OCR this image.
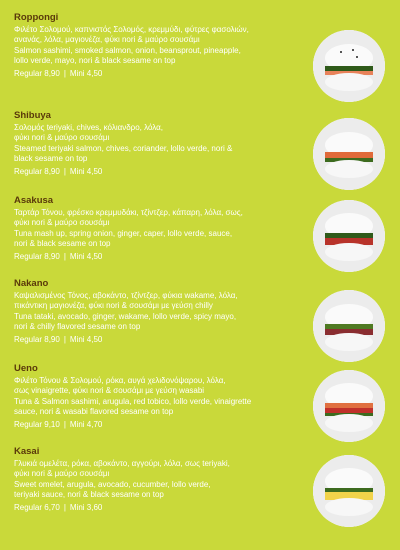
Roppongi
Φιλέτο Σολομού, καπνιστός Σολομός, κρεμμύδι, φύτρες φασολιών,
ανανάς, λόλα, μαγιονέζα, φύκι nori & μαύρο σουσάμι
Salmon sashimi, smoked salmon, onion, beansprout, pineapple,
lollo verde, mayo, nori & black sesame on top
Regular 8,90 | Mini 4,50
Shibuya
Σολομός teriyaki, chives, κόλιανδρο, λόλα,
φύκι nori & μαύρο σουσάμι
Steamed teriyaki salmon, chives, coriander, lollo verde, nori &
black sesame on top
Regular 8,90 | Mini 4,50
Asakusa
Ταρτάρ Τόνου, φρέσκο κρεμμυδάκι, τζίντζερ, κάπαρη, λόλα, σως,
φύκι nori & μαύρο σουσάμι
Tuna mash up, spring onion, ginger, caper, lollo verde, sauce,
nori & black sesame on top
Regular 8,90 | Mini 4,50
Nakano
Καψαλισμένος Τόνος, αβοκάντο, τζίντζερ, φύκια wakame, λόλα,
πικάντικη μαγιονέζα, φύκι nori & σουσάμι με γεύση chilly
Tuna tataki, avocado, ginger, wakame, lollo verde, spicy mayo,
nori & chilly flavored sesame on top
Regular 8,90 | Mini 4,50
Ueno
Φιλέτο Τόνου & Σολομού, ρόκα, αυγά χελιδονόψαρου, λόλα,
σως vinaigrette, φύκι nori & σουσάμι με γεύση wasabi
Tuna & Salmon sashimi, arugula, red tobico, lollo verde, vinaigrette
sauce, nori & wasabi flavored sesame on top
Regular 9,10 | Mini 4,70
Kasai
Γλυκιά ομελέτα, ρόκα, αβοκάντο, αγγούρι, λόλα, σως teriyaki,
φύκι nori & μαύρο σουσάμι
Sweet omelet, arugula, avocado, cucumber, lollo verde,
teriyaki sauce, nori & black sesame on top
Regular 6,70 | Mini 3,60
